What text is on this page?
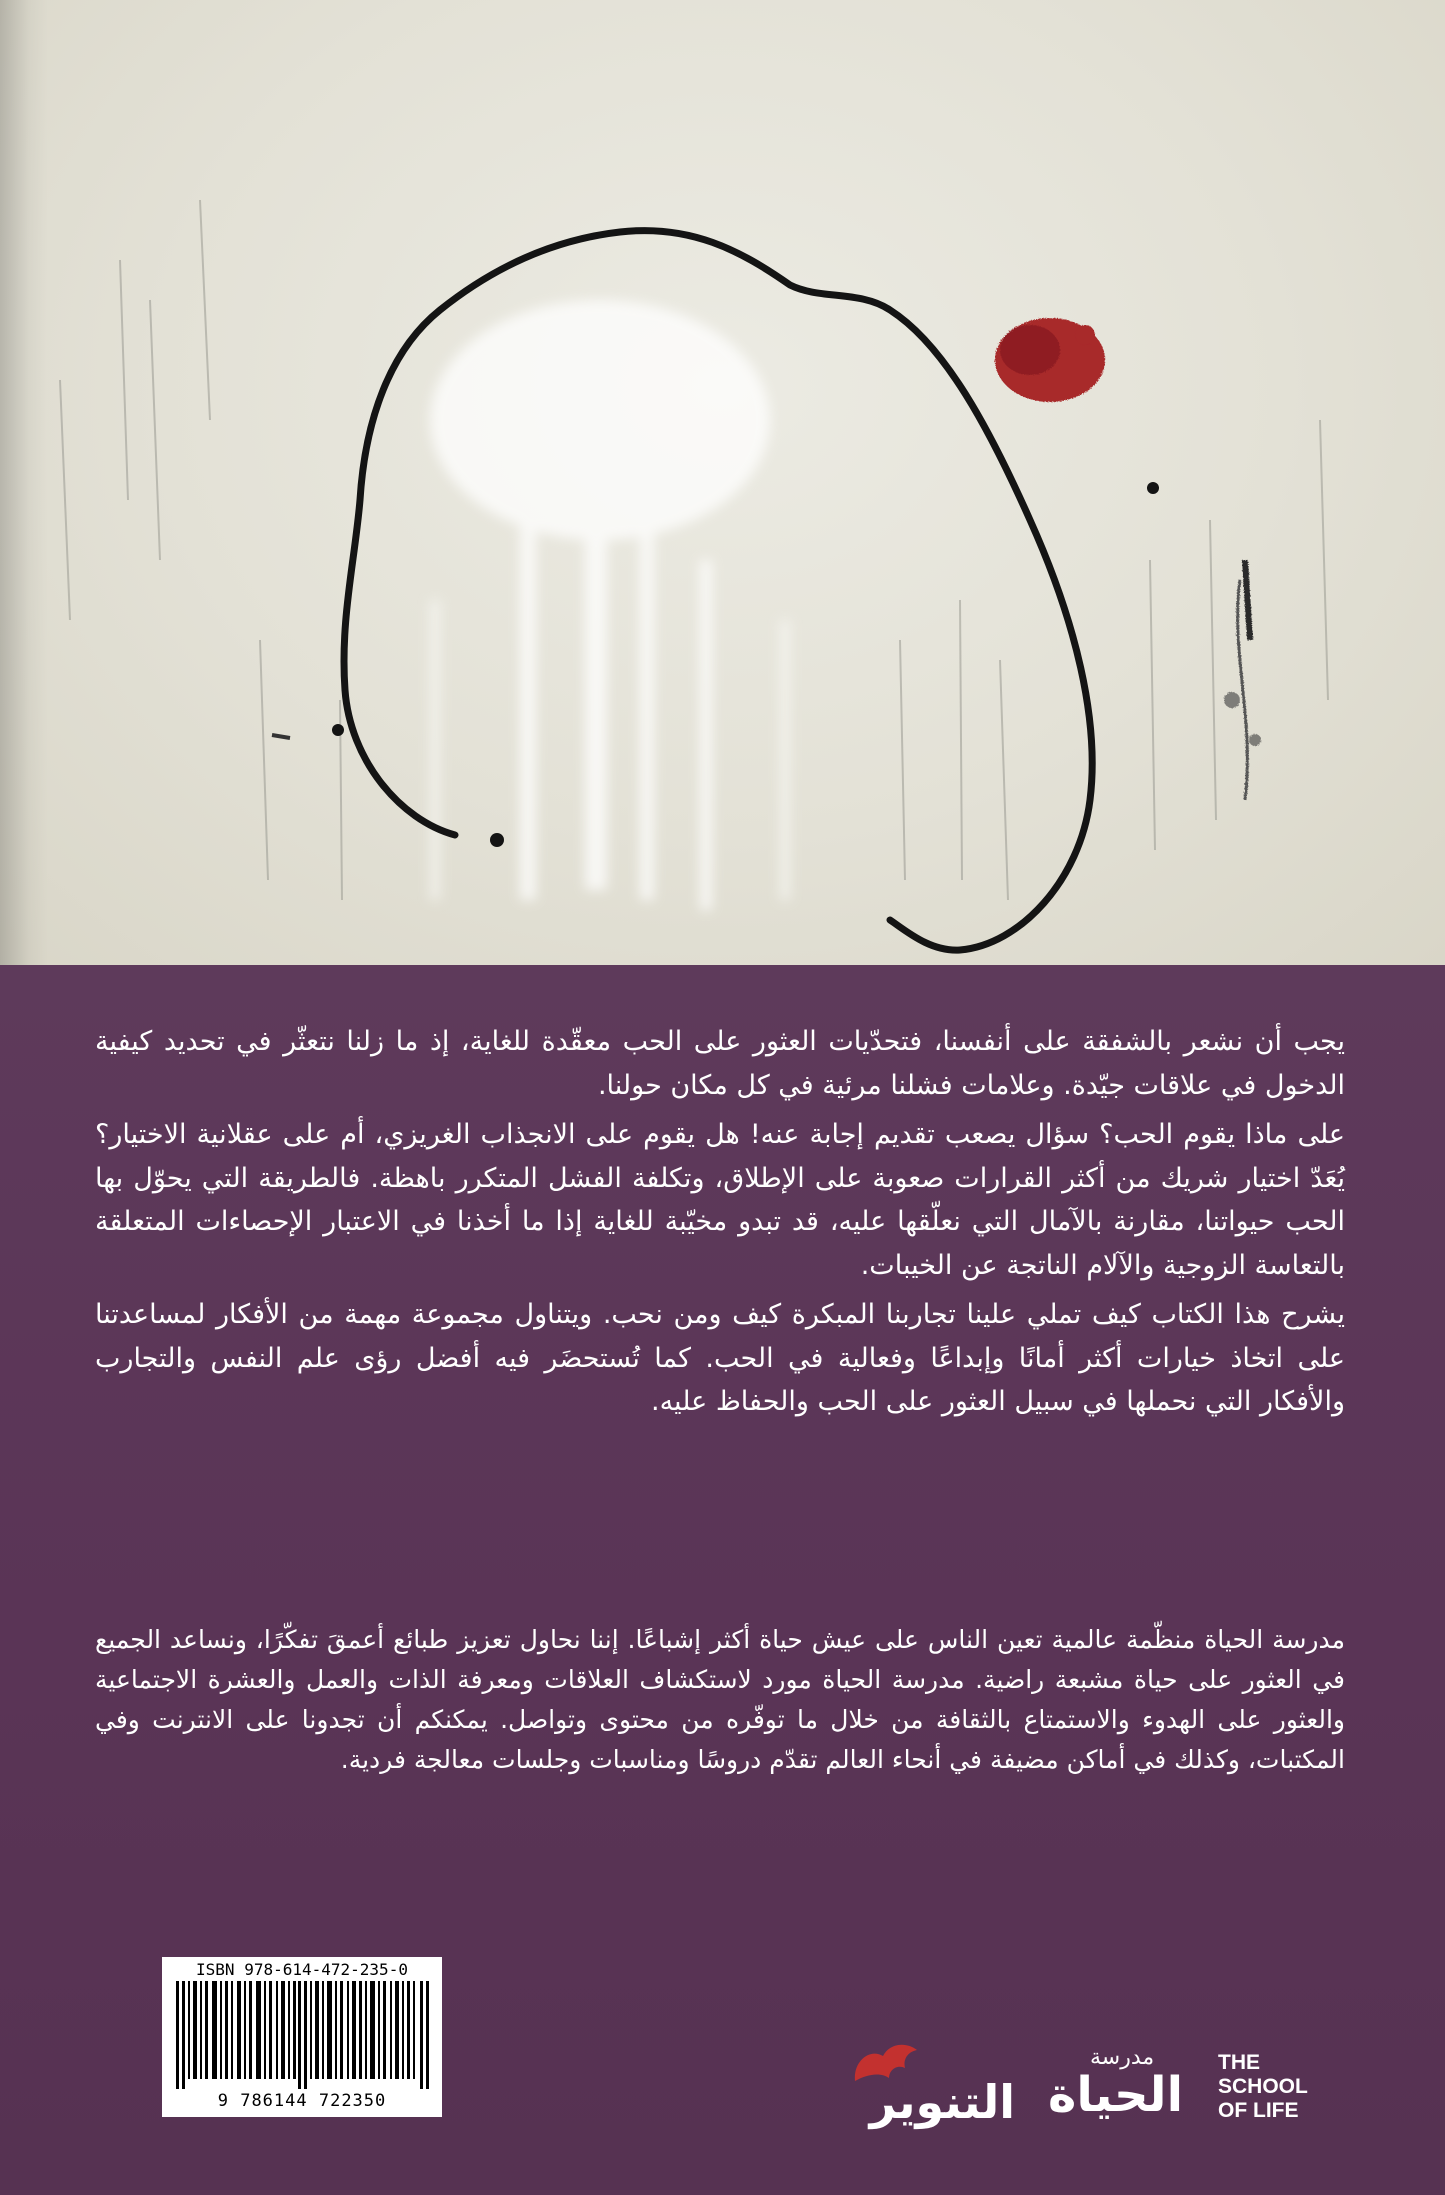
يجب أن نشعر بالشفقة على أنفسنا، فتحدّيات العثور على الحب معقّدة للغاية، إذ ما زلنا نتعثّر في تحديد كيفية الدخول في علاقات جيّدة. وعلامات فشلنا مرئية في كل مكان حولنا.

على ماذا يقوم الحب؟ سؤال يصعب تقديم إجابة عنه! هل يقوم على الانجذاب الغريزي، أم على عقلانية الاختيار؟ يُعَدّ اختيار شريك من أكثر القرارات صعوبة على الإطلاق، وتكلفة الفشل المتكرر باهظة. فالطريقة التي يحوّل بها الحب حيواتنا، مقارنة بالآمال التي نعلّقها عليه، قد تبدو مخيّبة للغاية إذا ما أخذنا في الاعتبار الإحصاءات المتعلقة بالتعاسة الزوجية والآلام الناتجة عن الخيبات.

يشرح هذا الكتاب كيف تملي علينا تجاربنا المبكرة كيف ومن نحب. ويتناول مجموعة مهمة من الأفكار لمساعدتنا على اتخاذ خيارات أكثر أمانًا وإبداعًا وفعالية في الحب. كما تُستحضَر فيه أفضل رؤى علم النفس والتجارب والأفكار التي نحملها في سبيل العثور على الحب والحفاظ عليه.

مدرسة الحياة منظّمة عالمية تعين الناس على عيش حياة أكثر إشباعًا. إننا نحاول تعزيز طبائع أعمقَ تفكّرًا، ونساعد الجميع في العثور على حياة مشبعة راضية. مدرسة الحياة مورد لاستكشاف العلاقات ومعرفة الذات والعمل والعشرة الاجتماعية والعثور على الهدوء والاستمتاع بالثقافة من خلال ما توفّره من محتوى وتواصل. يمكنكم أن تجدونا على الانترنت وفي المكتبات، وكذلك في أماكن مضيفة في أنحاء العالم تقدّم دروسًا ومناسبات وجلسات معالجة فردية.

ISBN 978-614-472-235-0
9 786144 722350	التنوير
مدرسة
الحياة
THE
SCHOOL
OF LIFE
